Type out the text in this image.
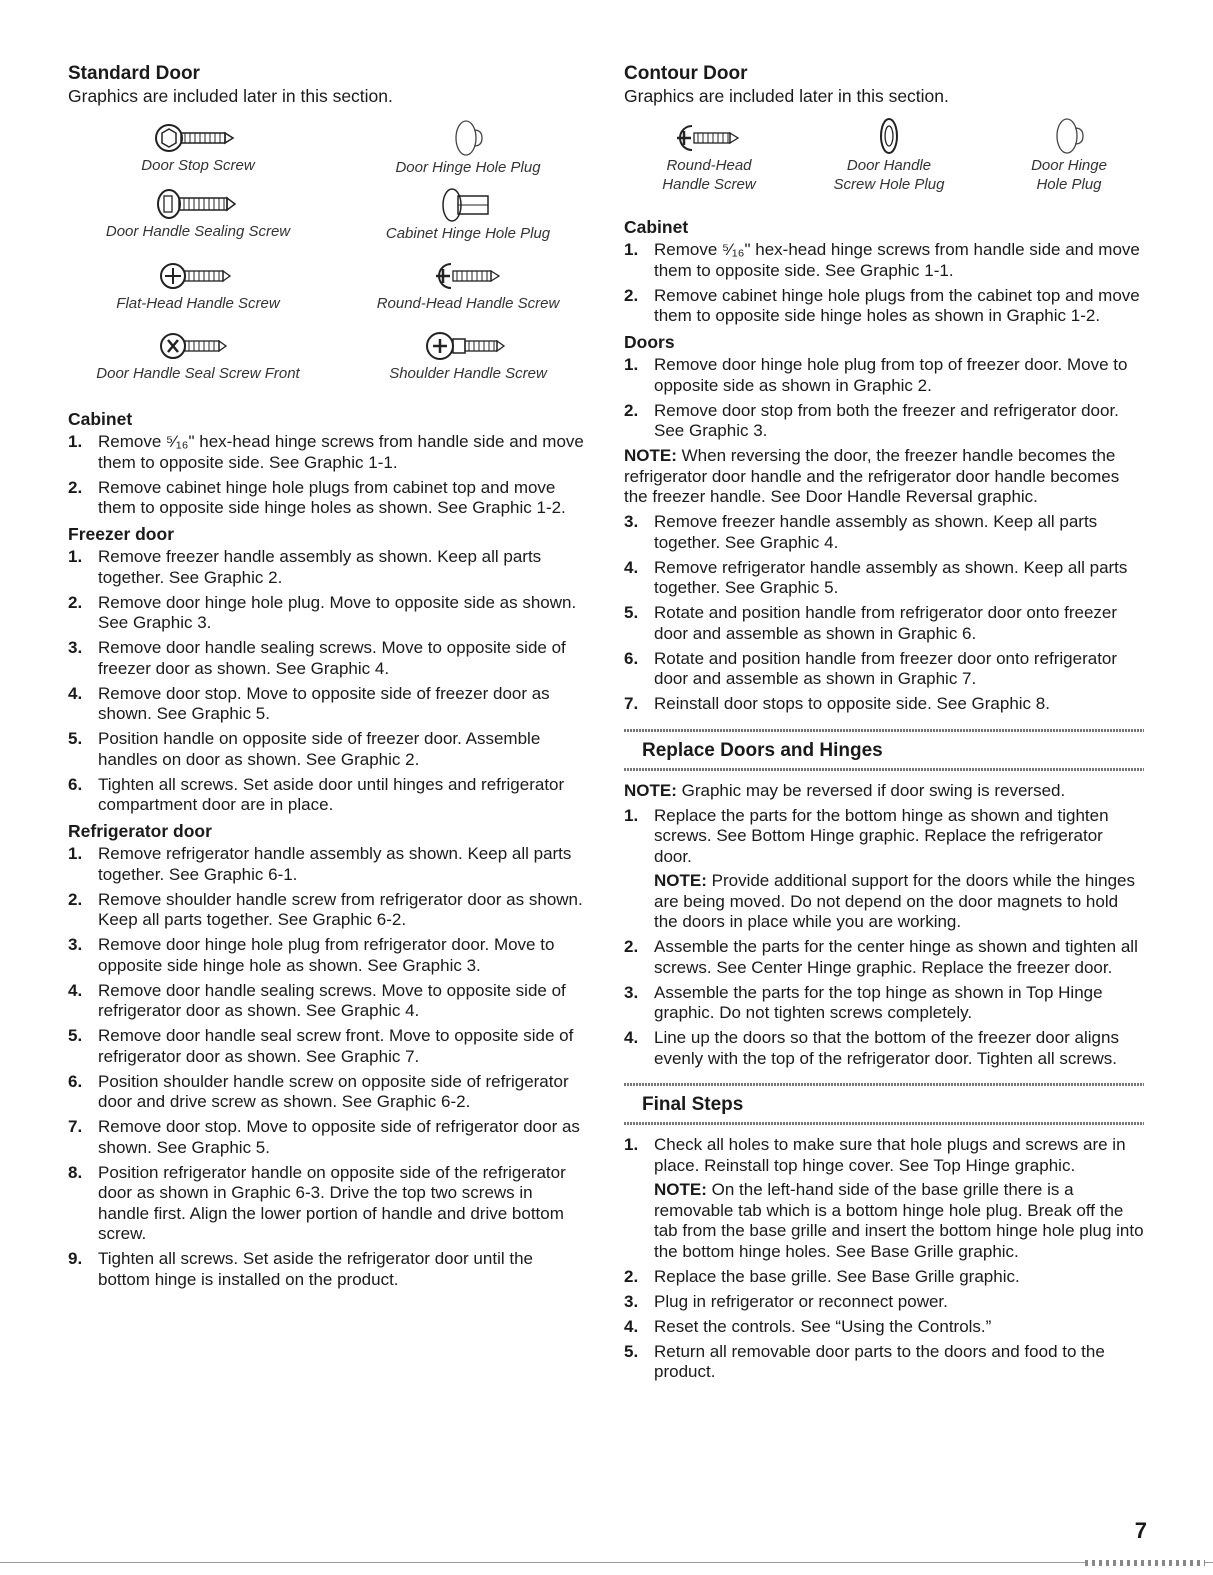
Standard Door

Graphics are included later in this section.

Door Stop Screw	Door Hinge Hole Plug
Door Handle Sealing Screw	Cabinet Hinge Hole Plug
Flat-Head Handle Screw	Round-Head Handle Screw
Door Handle Seal Screw Front	Shoulder Handle Screw
Cabinet
1. Remove ⁵⁄₁₆" hex-head hinge screws from handle side and move them to opposite side. See Graphic 1-1.
2. Remove cabinet hinge hole plugs from cabinet top and move them to opposite side hinge holes as shown. See Graphic 1-2.
Freezer door
1. Remove freezer handle assembly as shown. Keep all parts together. See Graphic 2.
2. Remove door hinge hole plug. Move to opposite side as shown. See Graphic 3.
3. Remove door handle sealing screws. Move to opposite side of freezer door as shown. See Graphic 4.
4. Remove door stop. Move to opposite side of freezer door as shown. See Graphic 5.
5. Position handle on opposite side of freezer door. Assemble handles on door as shown. See Graphic 2.
6. Tighten all screws. Set aside door until hinges and refrigerator compartment door are in place.
Refrigerator door
1. Remove refrigerator handle assembly as shown. Keep all parts together. See Graphic 6-1.
2. Remove shoulder handle screw from refrigerator door as shown. Keep all parts together. See Graphic 6-2.
3. Remove door hinge hole plug from refrigerator door. Move to opposite side hinge hole as shown. See Graphic 3.
4. Remove door handle sealing screws. Move to opposite side of refrigerator door as shown. See Graphic 4.
5. Remove door handle seal screw front. Move to opposite side of refrigerator door as shown. See Graphic 7.
6. Position shoulder handle screw on opposite side of refrigerator door and drive screw as shown. See Graphic 6-2.
7. Remove door stop. Move to opposite side of refrigerator door as shown. See Graphic 5.
8. Position refrigerator handle on opposite side of the refrigerator door as shown in Graphic 6-3. Drive the top two screws in handle first. Align the lower portion of handle and drive bottom screw.
9. Tighten all screws. Set aside the refrigerator door until the bottom hinge is installed on the product.
Contour Door

Graphics are included later in this section.

Round-Head Handle Screw
Door Handle Screw Hole Plug
Door Hinge Hole Plug
Cabinet
1. Remove ⁵⁄₁₆" hex-head hinge screws from handle side and move them to opposite side. See Graphic 1-1.
2. Remove cabinet hinge hole plugs from the cabinet top and move them to opposite side hinge holes as shown in Graphic 1-2.
Doors
1. Remove door hinge hole plug from top of freezer door. Move to opposite side as shown in Graphic 2.
2. Remove door stop from both the freezer and refrigerator door. See Graphic 3.

NOTE: When reversing the door, the freezer handle becomes the refrigerator door handle and the refrigerator door handle becomes the freezer handle. See Door Handle Reversal graphic.

3. Remove freezer handle assembly as shown. Keep all parts together. See Graphic 4.
4. Remove refrigerator handle assembly as shown. Keep all parts together. See Graphic 5.
5. Rotate and position handle from refrigerator door onto freezer door and assemble as shown in Graphic 6.
6. Rotate and position handle from freezer door onto refrigerator door and assemble as shown in Graphic 7.
7. Reinstall door stops to opposite side. See Graphic 8.
Replace Doors and Hinges

NOTE: Graphic may be reversed if door swing is reversed.

1. Replace the parts for the bottom hinge as shown and tighten screws. See Bottom Hinge graphic. Replace the refrigerator door.
NOTE: Provide additional support for the doors while the hinges are being moved. Do not depend on the door magnets to hold the doors in place while you are working.
2. Assemble the parts for the center hinge as shown and tighten all screws. See Center Hinge graphic. Replace the freezer door.
3. Assemble the parts for the top hinge as shown in Top Hinge graphic. Do not tighten screws completely.
4. Line up the doors so that the bottom of the freezer door aligns evenly with the top of the refrigerator door. Tighten all screws.
Final Steps
1. Check all holes to make sure that hole plugs and screws are in place. Reinstall top hinge cover. See Top Hinge graphic.
NOTE: On the left-hand side of the base grille there is a removable tab which is a bottom hinge hole plug. Break off the tab from the base grille and insert the bottom hinge hole plug into the bottom hinge holes. See Base Grille graphic.
2. Replace the base grille. See Base Grille graphic.
3. Plug in refrigerator or reconnect power.
4. Reset the controls. See “Using the Controls.”
5. Return all removable door parts to the doors and food to the product.
7
